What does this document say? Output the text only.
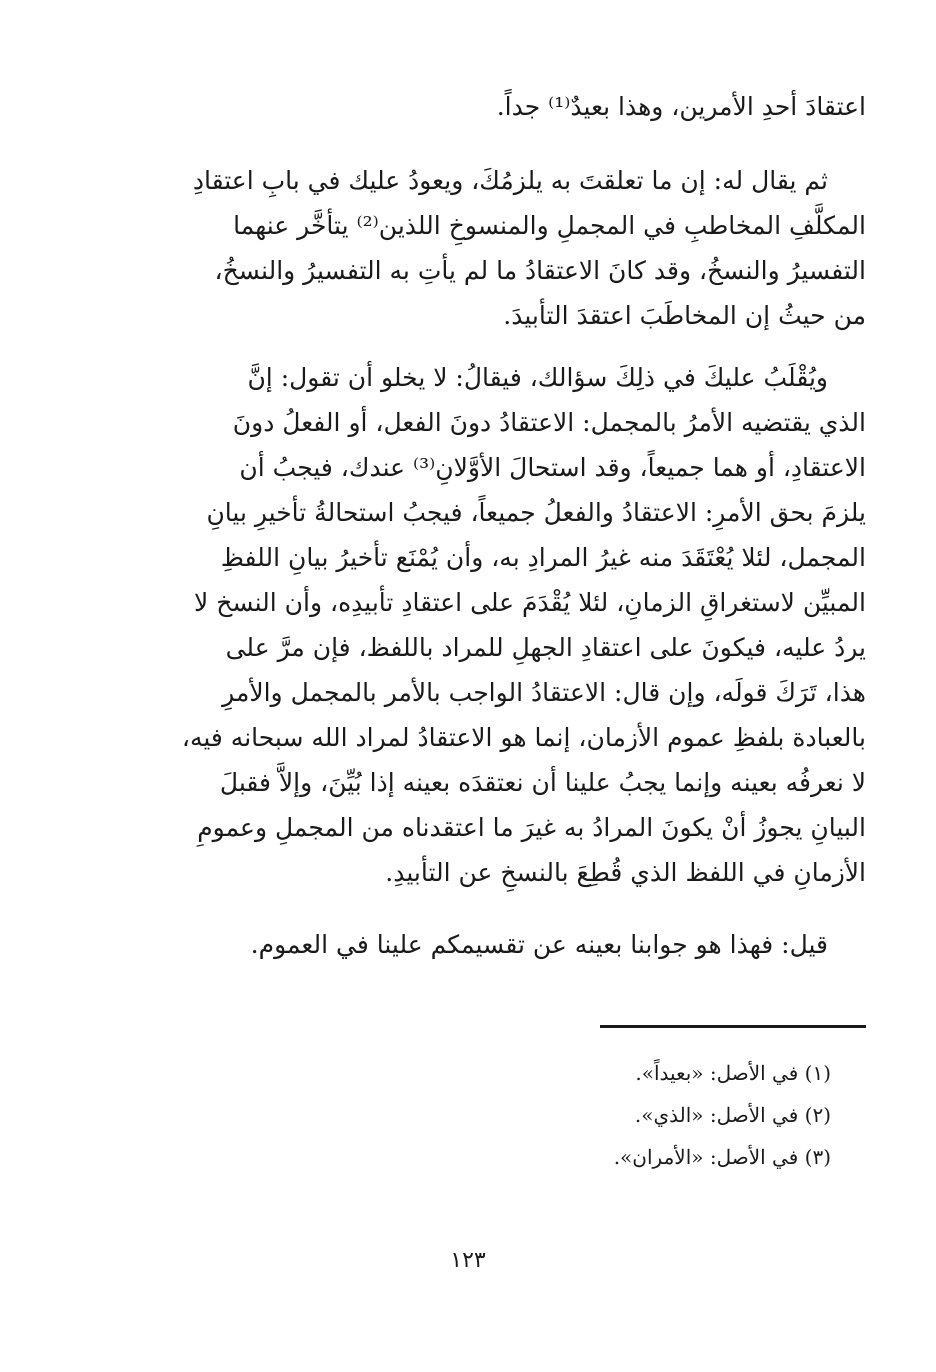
اعتقادَ أحدِ الأمرين، وهذا بعيدٌ⁽¹⁾ جداً.
ثم يقال له: إن ما تعلقتَ به يلزمُكَ، ويعودُ عليك في بابِ اعتقادِ
المكلَّفِ المخاطبِ في المجملِ والمنسوخِ اللذين⁽²⁾ يتأخَّر عنهما
التفسيرُ والنسخُ، وقد كانَ الاعتقادُ ما لم يأتِ به التفسيرُ والنسخُ،
من حيثُ إن المخاطَبَ اعتقدَ التأبيدَ.
ويُقْلَبُ عليكَ في ذلِكَ سؤالك، فيقالُ: لا يخلو أن تقول: إنَّ
الذي يقتضيه الأمرُ بالمجمل: الاعتقادُ دونَ الفعل، أو الفعلُ دونَ
الاعتقادِ، أو هما جميعاً، وقد استحالَ الأوَّلانِ⁽³⁾ عندك، فيجبُ أن
يلزمَ بحق الأمرِ: الاعتقادُ والفعلُ جميعاً، فيجبُ استحالةُ تأخيرِ بيانِ
المجمل، لئلا يُعْتَقَدَ منه غيرُ المرادِ به، وأن يُمْنَع تأخيرُ بيانِ اللفظِ
المبيِّن لاستغراقِ الزمانِ، لئلا يُقْدَمَ على اعتقادِ تأبيدِه، وأن النسخ لا
يردُ عليه، فيكونَ على اعتقادِ الجهلِ للمراد باللفظ، فإن مرَّ على
هذا، تَرَكَ قولَه، وإن قال: الاعتقادُ الواجب بالأمر بالمجمل والأمرِ
بالعبادة بلفظِ عموم الأزمان، إنما هو الاعتقادُ لمراد الله سبحانه فيه،
لا نعرفُه بعينه وإنما يجبُ علينا أن نعتقدَه بعينه إذا بُيِّنَ، وإلاَّ فقبلَ
البيانِ يجوزُ أنْ يكونَ المرادُ به غيرَ ما اعتقدناه من المجملِ وعمومِ
الأزمانِ في اللفظ الذي قُطِعَ بالنسخِ عن التأبيدِ.
قيل: فهذا هو جوابنا بعينه عن تقسيمكم علينا في العموم.
(١) في الأصل: «بعيداً».
(٢) في الأصل: «الذي».
(٣) في الأصل: «الأمران».
١٢٣
